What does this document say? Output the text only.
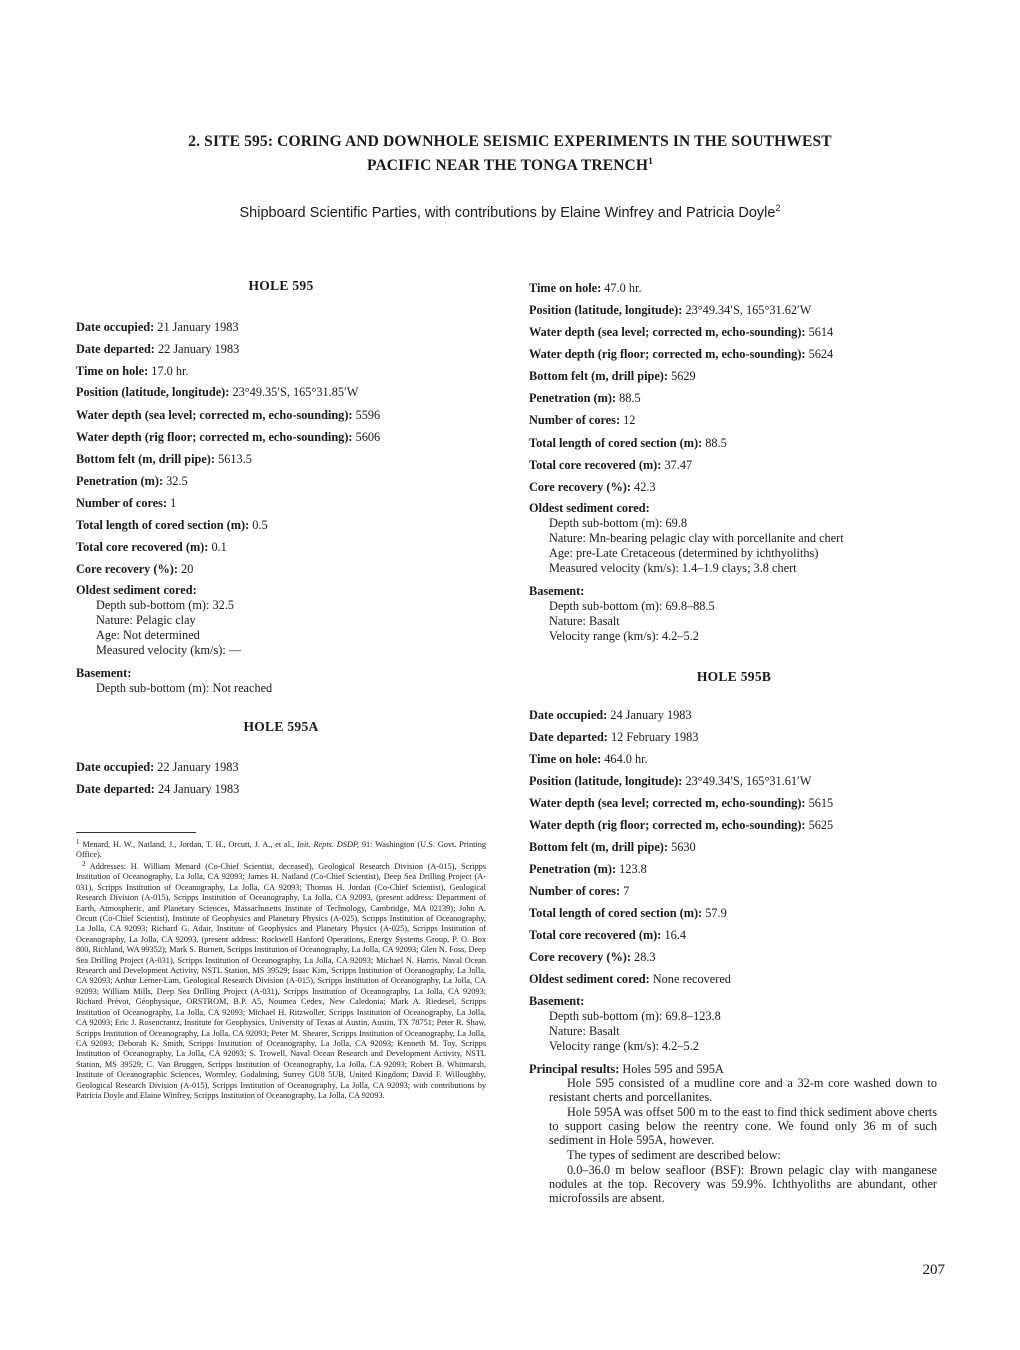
2. SITE 595: CORING AND DOWNHOLE SEISMIC EXPERIMENTS IN THE SOUTHWEST
PACIFIC NEAR THE TONGA TRENCH$^1$
Shipboard Scientific Parties, with contributions by Elaine Winfrey and Patricia Doyle$^2$
HOLE 595
Date occupied: 21 January 1983
Date departed: 22 January 1983
Time on hole: 17.0 hr.
Position (latitude, longitude): 23°49.35′S, 165°31.85′W
Water depth (sea level; corrected m, echo-sounding): 5596
Water depth (rig floor; corrected m, echo-sounding): 5606
Bottom felt (m, drill pipe): 5613.5
Penetration (m): 32.5
Number of cores: 1
Total length of cored section (m): 0.5
Total core recovered (m): 0.1
Core recovery (%): 20
Oldest sediment cored:
Depth sub-bottom (m): 32.5
Nature: Pelagic clay
Age: Not determined
Measured velocity (km/s): —
Basement:
Depth sub-bottom (m): Not reached
HOLE 595A
Date occupied: 22 January 1983
Date departed: 24 January 1983
$^1$ Menard, H. W., Natland, J., Jordan, T. H., Orcutt, J. A., et al., Init. Repts. DSDP, 91: Washington (U.S. Govt. Printing Office).
$^2$ Addresses: H. William Menard (Co-Chief Scientist, deceased), Geological Research Division (A-015), Scripps Institution of Oceanography, La Jolla, CA 92093; James H. Natland (Co-Chief Scientist), Deep Sea Drilling Project (A-031), Scripps Institution of Oceanography, La Jolla, CA 92093; Thomas H. Jordan (Co-Chief Scientist), Geological Research Division (A-015), Scripps Institution of Oceanography, La Jolla, CA 92093, (present address: Department of Earth, Atmospheric, and Planetary Sciences, Massachusetts Institute of Technology, Cambridge, MA 02139); John A. Orcutt (Co-Chief Scientist), Institute of Geophysics and Planetary Physics (A-025), Scripps Institution of Oceanography, La Jolla, CA 92093; Richard G. Adair, Institute of Geophysics and Planetary Physics (A-025), Scripps Institution of Oceanography, La Jolla, CA 92093, (present address: Rockwell Hanford Operations, Energy Systems Group, P. O. Box 800, Richland, WA 99352); Mark S. Burnett, Scripps Institution of Oceanography, La Jolla, CA 92093; Glen N. Foss, Deep Sea Drilling Project (A-031), Scripps Institution of Oceanography, La Jolla, CA 92093; Michael N. Harris, Naval Ocean Research and Development Activity, NSTL Station, MS 39529; Isaac Kim, Scripps Institution of Oceanography, La Jolla, CA 92093; Arthur Lerner-Lam, Geological Research Division (A-015), Scripps Institution of Oceanography, La Jolla, CA 92093; William Mills, Deep Sea Drilling Project (A-031), Scripps Institution of Oceanography, La Jolla, CA 92093; Richard Prévot, Géophysique, ORSTROM, B.P. A5, Noumea Cedex, New Caledonia; Mark A. Riedesel, Scripps Institution of Oceanography, La Jolla, CA 92093; Michael H. Ritzwoller, Scripps Institution of Oceanography, La Jolla, CA 92093; Eric J. Rosencrantz, Institute for Geophysics, University of Texas at Austin, Austin, TX 78751; Peter R. Shaw, Scripps Institution of Oceanography, La Jolla, CA 92093; Peter M. Shearer, Scripps Institution of Oceanography, La Jolla, CA 92093; Deborah K. Smith, Scripps Institution of Oceanography, La Jolla, CA 92093; Kenneth M. Toy, Scripps Institution of Oceanography, La Jolla, CA 92093; S. Trowell, Naval Ocean Research and Development Activity, NSTL Station, MS 39529; C. Van Bruggen, Scripps Institution of Oceanography, La Jolla, CA 92093; Robert B. Whitmarsh, Institute of Oceanographic Sciences, Wormley, Godalming, Surrey GU8 5UB, United Kingdom; David F. Willoughby, Geological Research Division (A-015), Scripps Institution of Oceanography, La Jolla, CA 92093; with contributions by Patricia Doyle and Elaine Winfrey, Scripps Institution of Oceanography, La Jolla, CA 92093.
Time on hole: 47.0 hr.
Position (latitude, longitude): 23°49.34′S, 165°31.62′W
Water depth (sea level; corrected m, echo-sounding): 5614
Water depth (rig floor; corrected m, echo-sounding): 5624
Bottom felt (m, drill pipe): 5629
Penetration (m): 88.5
Number of cores: 12
Total length of cored section (m): 88.5
Total core recovered (m): 37.47
Core recovery (%): 42.3
Oldest sediment cored:
Depth sub-bottom (m): 69.8
Nature: Mn-bearing pelagic clay with porcellanite and chert
Age: pre-Late Cretaceous (determined by ichthyoliths)
Measured velocity (km/s): 1.4–1.9 clays; 3.8 chert
Basement:
Depth sub-bottom (m): 69.8–88.5
Nature: Basalt
Velocity range (km/s): 4.2–5.2
HOLE 595B
Date occupied: 24 January 1983
Date departed: 12 February 1983
Time on hole: 464.0 hr.
Position (latitude, longitude): 23°49.34′S, 165°31.61′W
Water depth (sea level; corrected m, echo-sounding): 5615
Water depth (rig floor; corrected m, echo-sounding): 5625
Bottom felt (m, drill pipe): 5630
Penetration (m): 123.8
Number of cores: 7
Total length of cored section (m): 57.9
Total core recovered (m): 16.4
Core recovery (%): 28.3
Oldest sediment cored: None recovered
Basement:
Depth sub-bottom (m): 69.8–123.8
Nature: Basalt
Velocity range (km/s): 4.2–5.2
Principal results: Holes 595 and 595A
Hole 595 consisted of a mudline core and a 32-m core washed down to resistant cherts and porcellanites.
Hole 595A was offset 500 m to the east to find thick sediment above cherts to support casing below the reentry cone. We found only 36 m of such sediment in Hole 595A, however.
The types of sediment are described below:
0.0–36.0 m below seafloor (BSF): Brown pelagic clay with manganese nodules at the top. Recovery was 59.9%. Ichthyoliths are abundant, other microfossils are absent.
207
